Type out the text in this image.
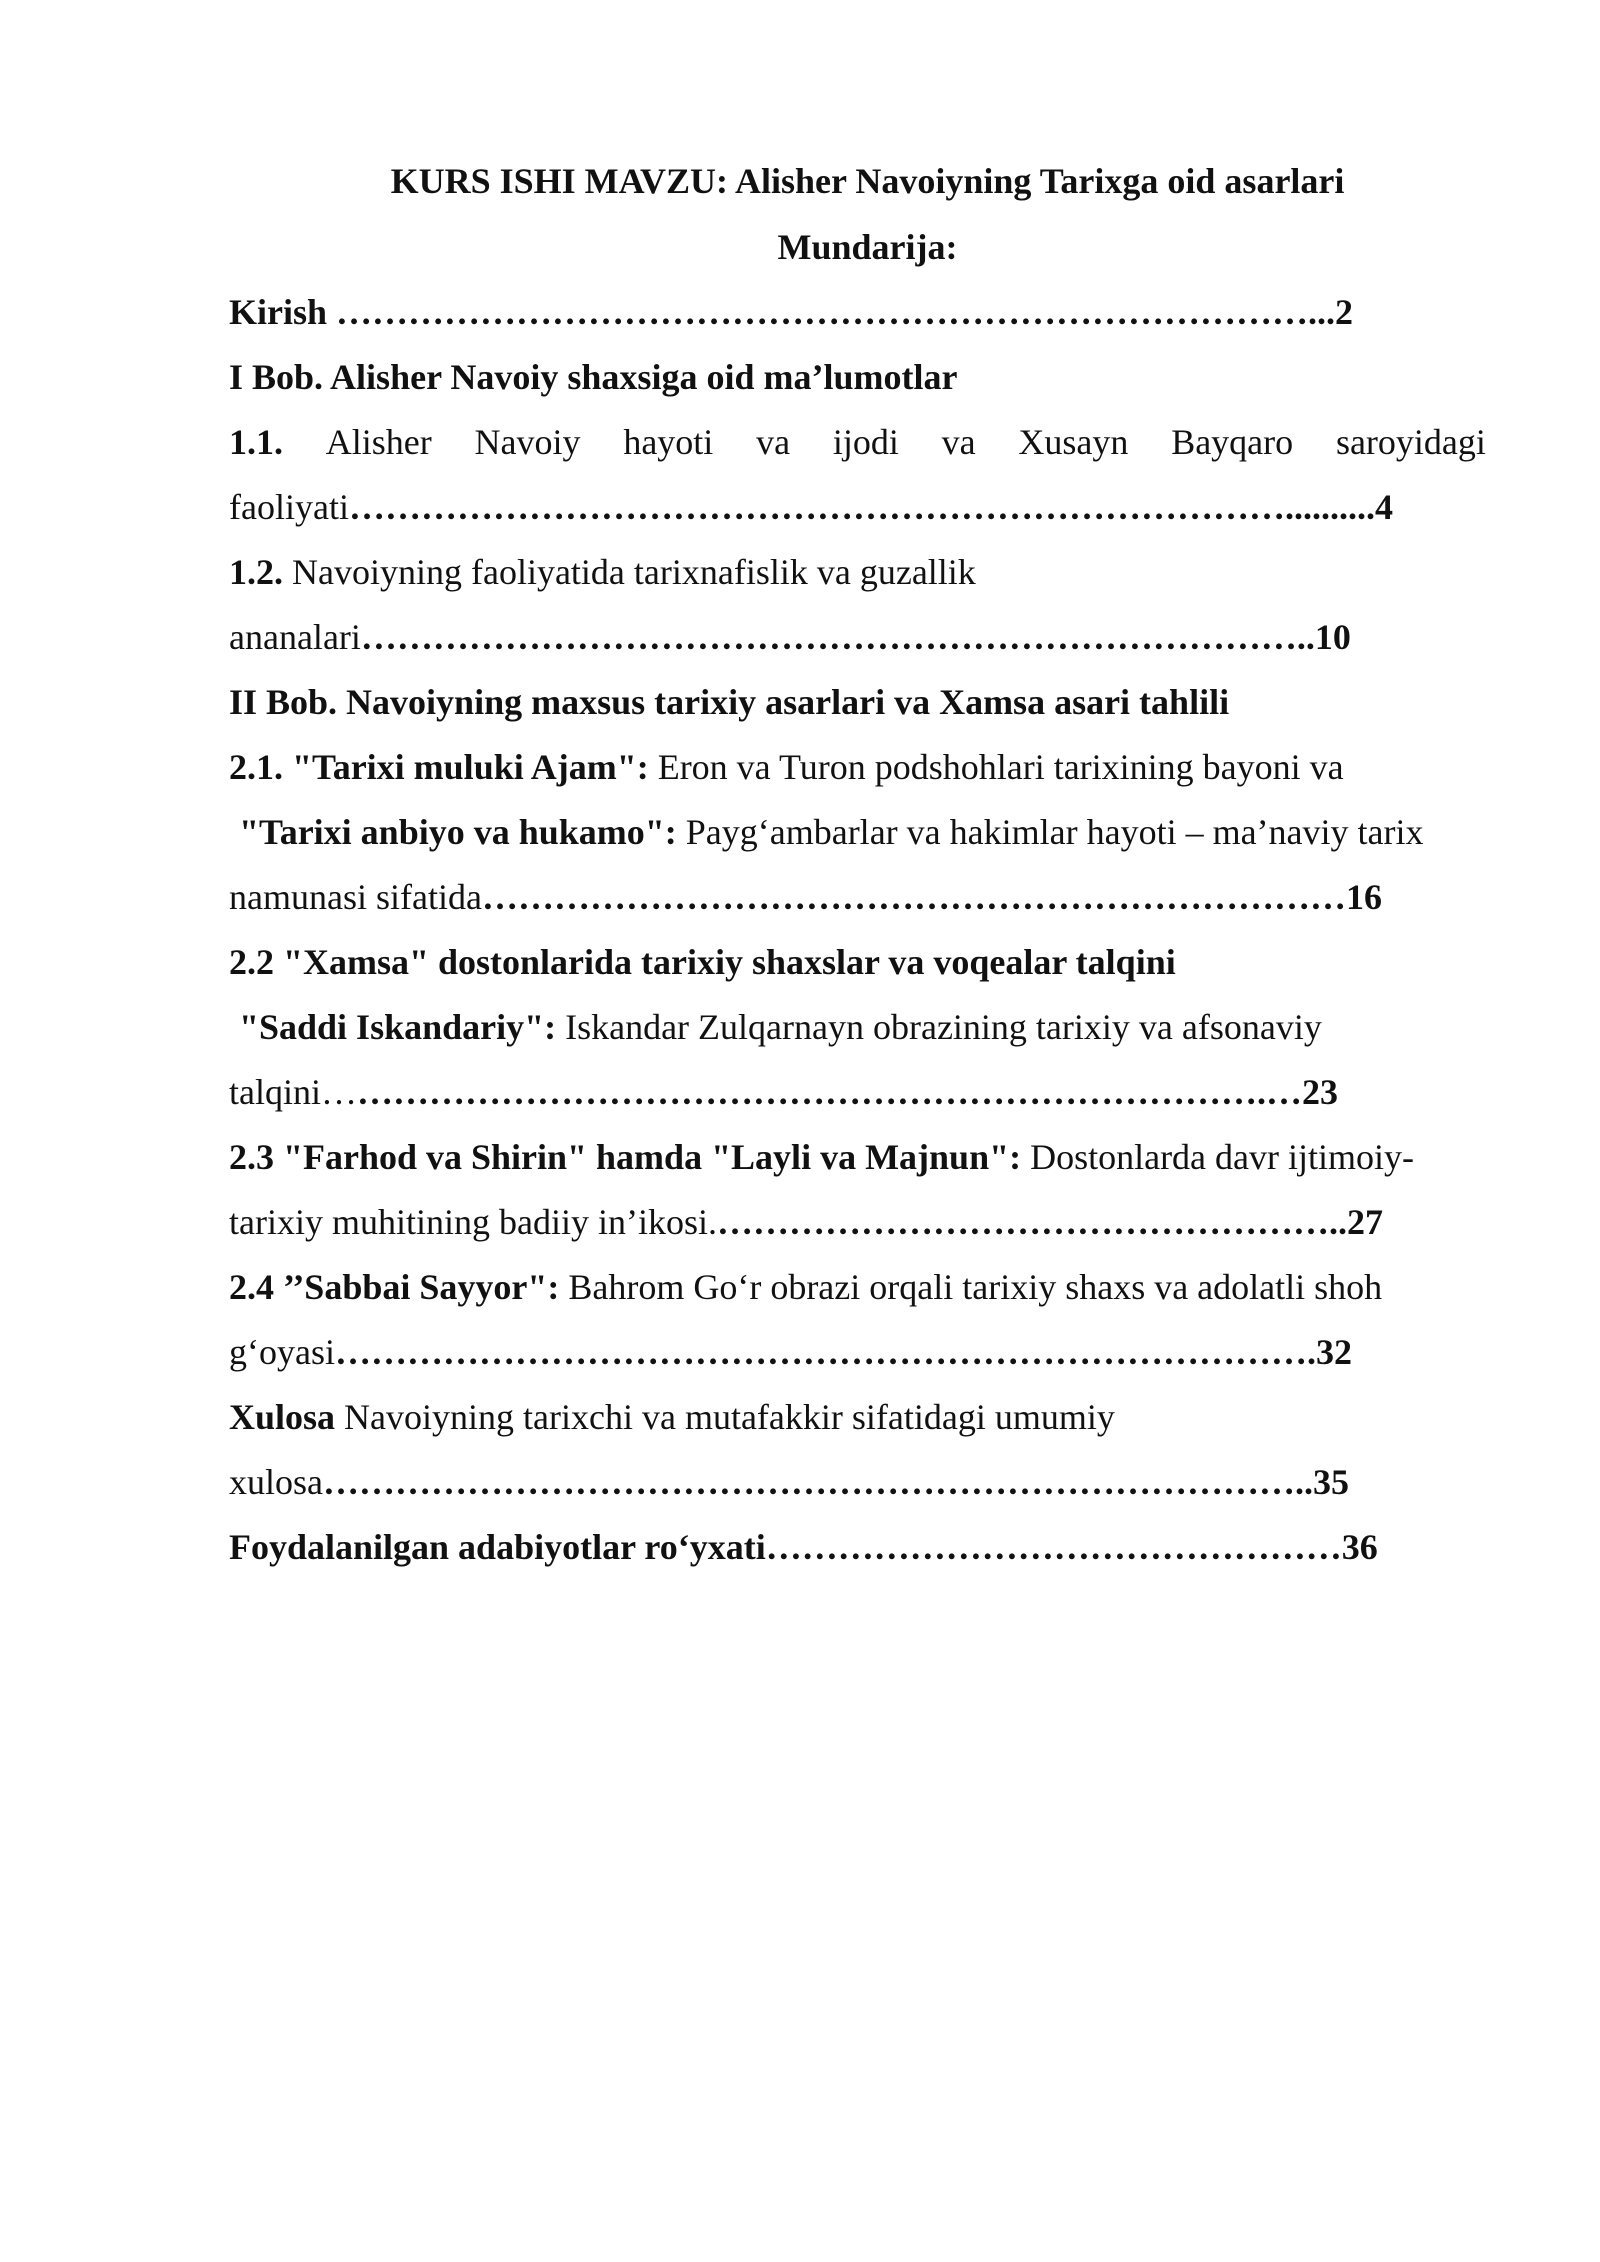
KURS ISHI MAVZU: Alisher Navoiyning Tarixga oid asarlari
Mundarija:
Kirish ………………………………………………………………………...2
I Bob. Alisher Navoiy shaxsiga oid ma’lumotlar
1.1. Alisher Navoiy hayoti va ijodi va Xusayn Bayqaro saroyidagi
faoliyati……………………………………………………………………..........4
1.2. Navoiyning faoliyatida tarixnafislik va guzallik
ananalari……………………………………………………………………..10
II Bob. Navoiyning maxsus tarixiy asarlari va Xamsa asari tahlili
2.1. "Tarixi muluki Ajam": Eron va Turon podshohlari tarixining bayoni va
"Tarixi anbiyo va hukamo": Payg‘ambarlar va hakimlar hayoti – ma’naviy tarix
namunasi sifatida………………………………………………………………16
2.2 "Xamsa" dostonlarida tarixiy shaxslar va voqealar talqini
"Saddi Iskandariy": Iskandar Zulqarnayn obrazining tarixiy va afsonaviy
talqini…………………………………………………………………….…23
2.3 "Farhod va Shirin" hamda "Layli va Majnun": Dostonlarda davr ijtimoiy-
tarixiy muhitining badiiy in’ikosi.……………………………………………..27
2.4 ’’Sabbai Sayyor": Bahrom Go‘r obrazi orqali tarixiy shaxs va adolatli shoh
g‘oyasi……………………………………………………………………….32
Xulosa Navoiyning tarixchi va mutafakkir sifatidagi umumiy
xulosa………………………………………………………………………..35
Foydalanilgan adabiyotlar ro‘yxati…………………………………………36
